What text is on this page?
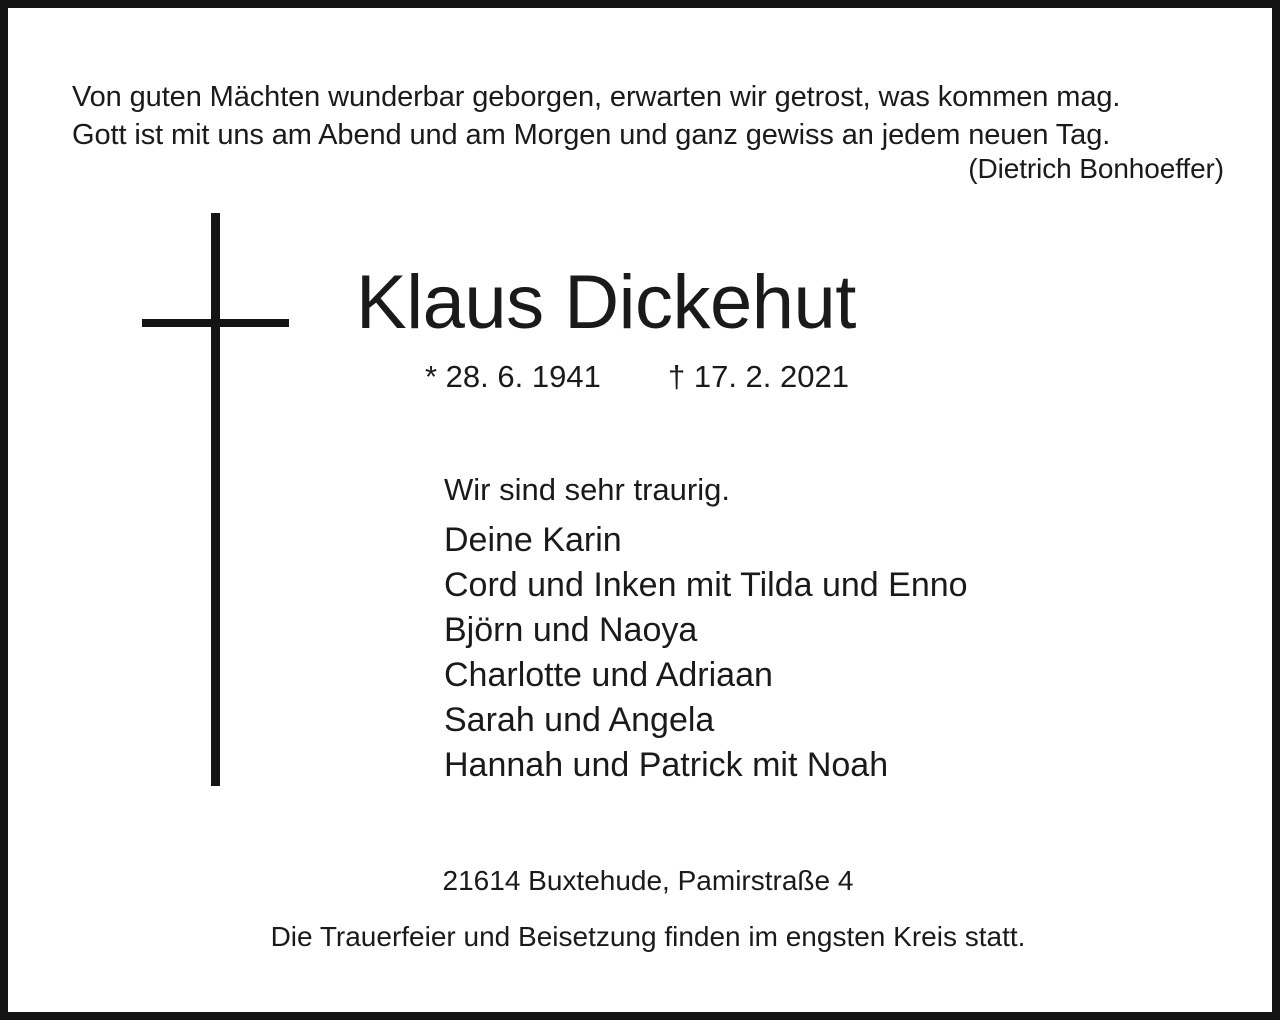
Von guten Mächten wunderbar geborgen, erwarten wir getrost, was kommen mag.
Gott ist mit uns am Abend und am Morgen und ganz gewiss an jedem neuen Tag.
(Dietrich Bonhoeffer)
Klaus Dickehut
* 28. 6. 1941 † 17. 2. 2021
Wir sind sehr traurig.
Deine Karin
Cord und Inken mit Tilda und Enno
Björn und Naoya
Charlotte und Adriaan
Sarah und Angela
Hannah und Patrick mit Noah
21614 Buxtehude, Pamirstraße 4
Die Trauerfeier und Beisetzung finden im engsten Kreis statt.
